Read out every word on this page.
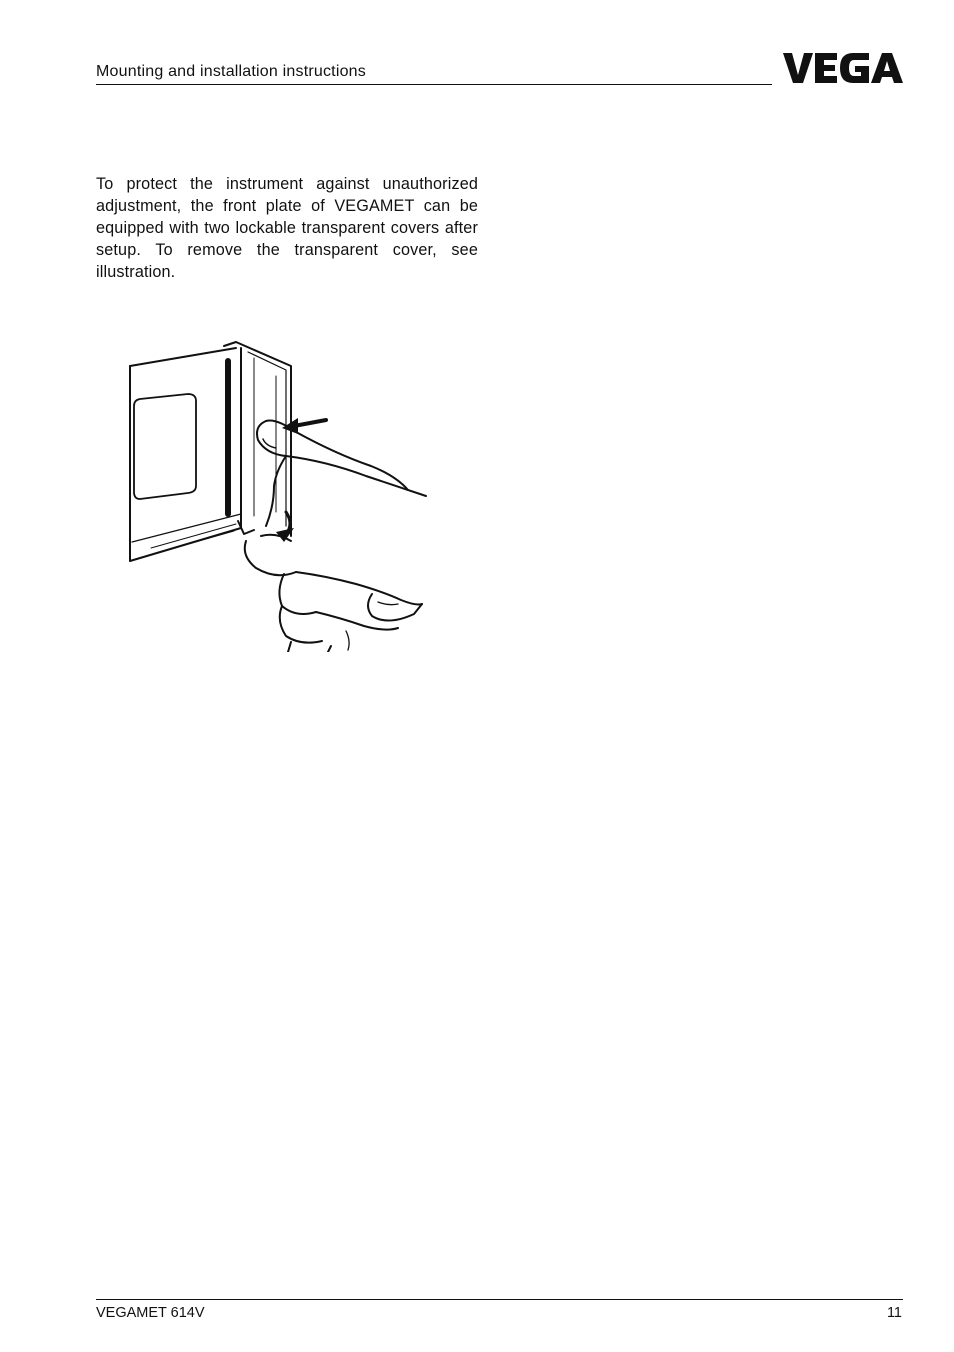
Mounting and installation instructions

To protect the instrument against unauthorized adjustment, the front plate of VEGAMET can be equipped with two lockable transparent covers after setup. To remove the transparent cover, see illustration.

VEGAMET 614V	11
